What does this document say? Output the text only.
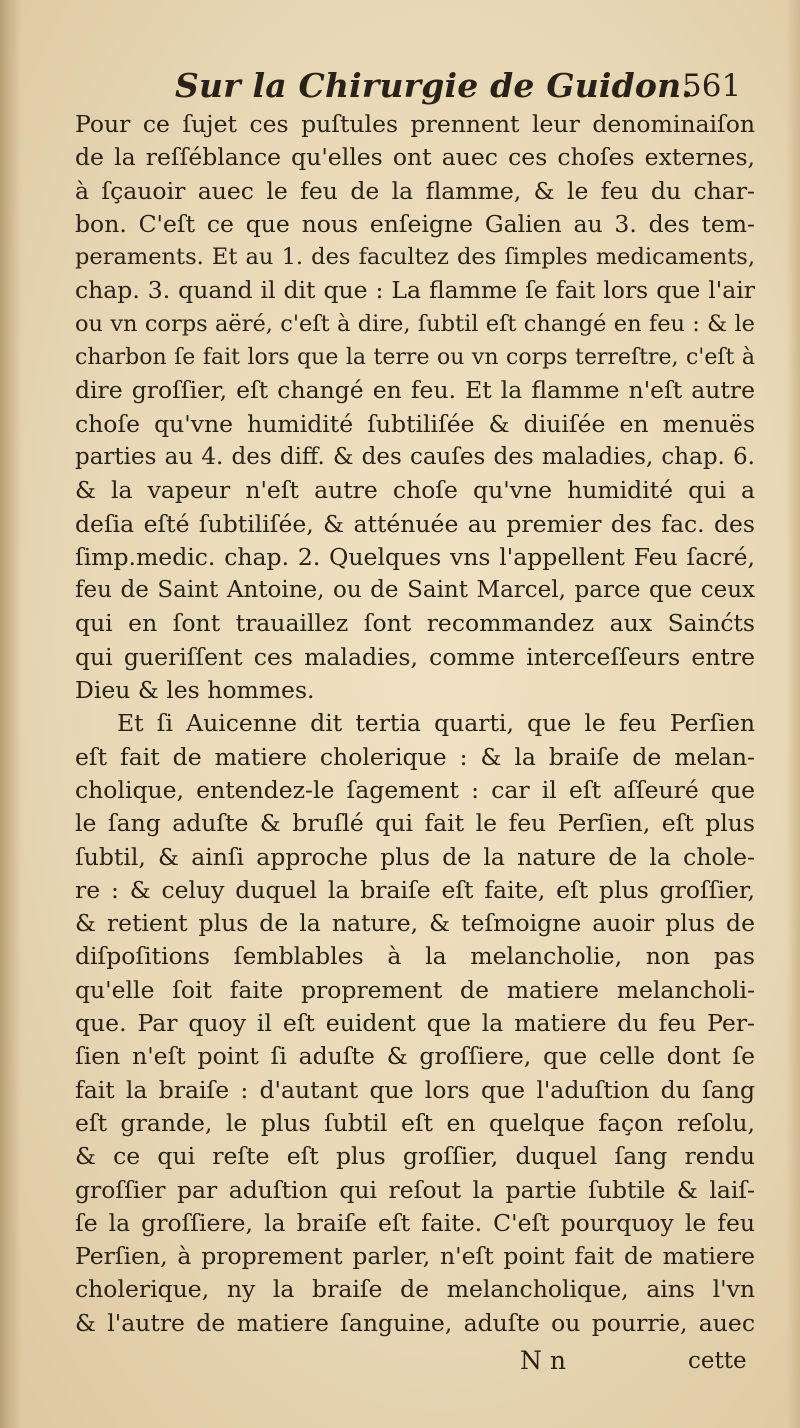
Sur la Chirurgie de Guidon.
561
Pour ce ſujet ces puſtules prennent leur denominaiſon
de la reſſéblance qu'elles ont auec ces choſes externes,
à ſçauoir auec le feu de la flamme, & le feu du char-
bon. C'eſt ce que nous enſeigne Galien au 3. des tem-
peraments. Et au 1. des facultez des ſimples medicaments,
chap. 3. quand il dit que : La flamme ſe fait lors que l'air
ou vn corps aëré, c'eſt à dire, ſubtil eſt changé en feu : & le
charbon ſe fait lors que la terre ou vn corps terreſtre, c'eſt à
dire groſſier, eſt changé en feu. Et la flamme n'eſt autre
choſe qu'vne humidité ſubtiliſée & diuiſée en menuës
parties au 4. des diff. & des cauſes des maladies, chap. 6.
& la vapeur n'eſt autre choſe qu'vne humidité qui a
deſia eſté ſubtiliſée, & atténuée au premier des fac. des
ſimp.medic. chap. 2. Quelques vns l'appellent Feu ſacré,
feu de Saint Antoine, ou de Saint Marcel, parce que ceux
qui en ſont trauaillez ſont recommandez aux Sainćts
qui gueriſſent ces maladies, comme interceſſeurs entre
Dieu & les hommes.
Et ſi Auicenne dit tertia quarti, que le feu Perſien
eſt fait de matiere cholerique : & la braiſe de melan-
cholique, entendez-le ſagement : car il eſt aſſeuré que
le ſang aduſte & bruſlé qui fait le feu Perſien, eſt plus
ſubtil, & ainſi approche plus de la nature de la chole-
re : & celuy duquel la braiſe eſt faite, eſt plus groſſier,
& retient plus de la nature, & teſmoigne auoir plus de
diſpoſitions ſemblables à la melancholie, non pas
qu'elle ſoit faite proprement de matiere melancholi-
que. Par quoy il eſt euident que la matiere du feu Per-
ſien n'eſt point ſi aduſte & groſſiere, que celle dont ſe
fait la braiſe : d'autant que lors que l'aduſtion du ſang
eſt grande, le plus ſubtil eſt en quelque façon reſolu,
& ce qui reſte eſt plus groſſier, duquel ſang rendu
groſſier par aduſtion qui reſout la partie ſubtile & laiſ-
ſe la groſſiere, la braiſe eſt faite. C'eſt pourquoy le feu
Perſien, à proprement parler, n'eſt point fait de matiere
cholerique, ny la braiſe de melancholique, ains l'vn
& l'autre de matiere ſanguine, aduſte ou pourrie, auec
N n	cette
